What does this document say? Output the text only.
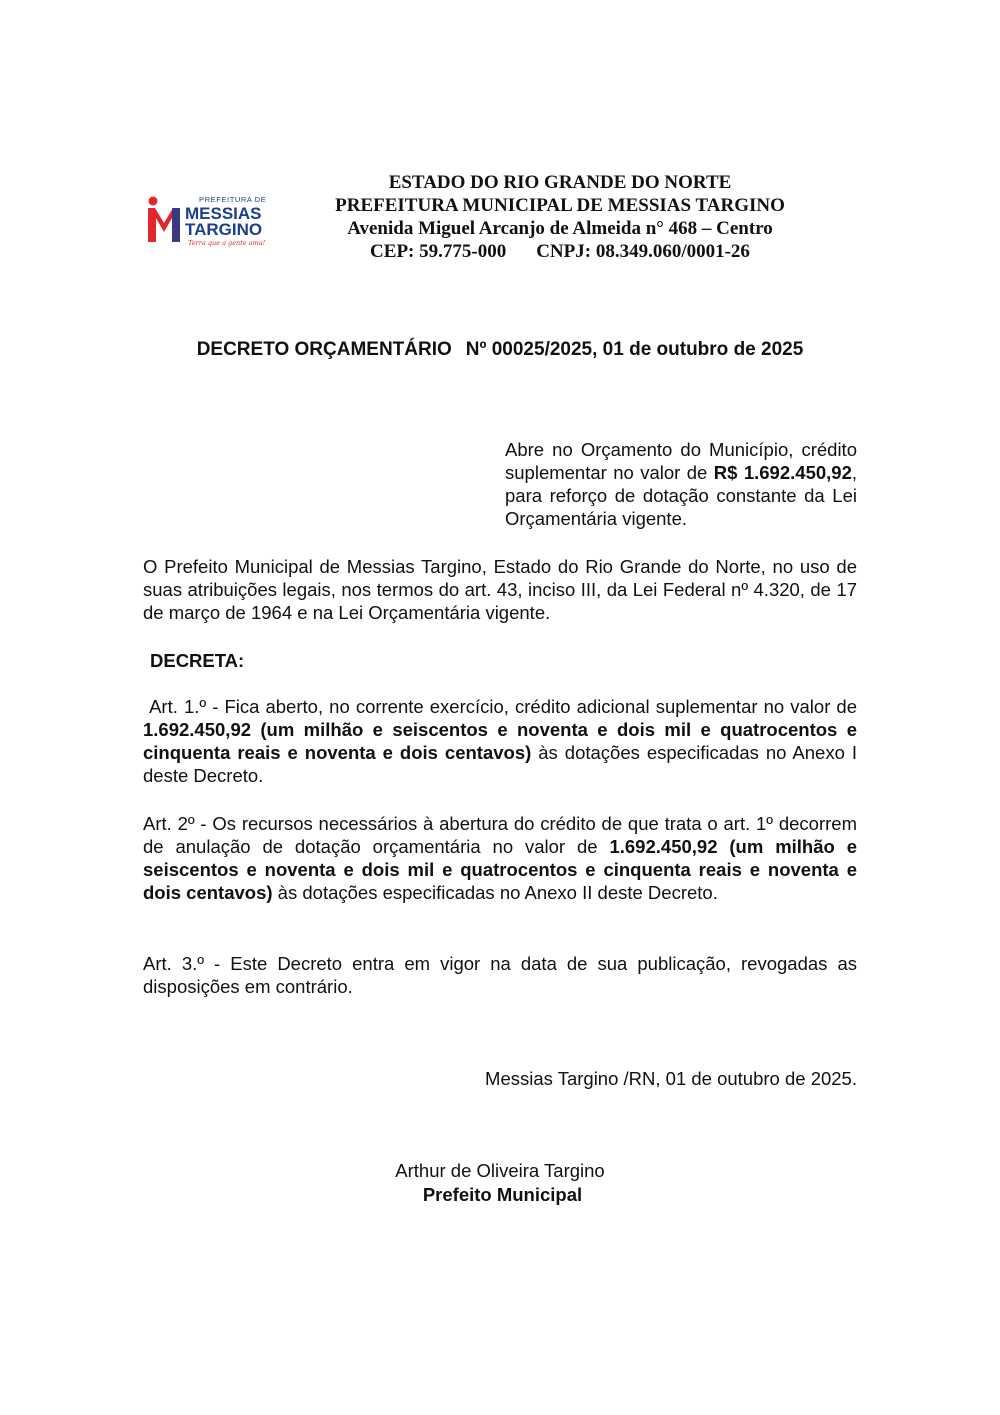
PREFEITURA DE
MESSIAS
TARGINO
Terra que a gente ama!
ESTADO DO RIO GRANDE DO NORTE
PREFEITURA MUNICIPAL DE MESSIAS TARGINO
Avenida Miguel Arcanjo de Almeida n° 468 – Centro
CEP: 59.775-000 CNPJ: 08.349.060/0001-26
DECRETO ORÇAMENTÁRIO Nº 00025/2025, 01 de outubro de 2025
Abre no Orçamento do Município, crédito suplementar no valor de R$ 1.692.450,92, para reforço de dotação constante da Lei Orçamentária vigente.
O Prefeito Municipal de Messias Targino, Estado do Rio Grande do Norte, no uso de suas atribuições legais, nos termos do art. 43, inciso III, da Lei Federal nº 4.320, de 17 de março de 1964 e na Lei Orçamentária vigente.
DECRETA:
Art. 1.º - Fica aberto, no corrente exercício, crédito adicional suplementar no valor de 1.692.450,92 (um milhão e seiscentos e noventa e dois mil e quatrocentos e cinquenta reais e noventa e dois centavos) às dotações especificadas no Anexo I deste Decreto.
Art. 2º - Os recursos necessários à abertura do crédito de que trata o art. 1º decorrem de anulação de dotação orçamentária no valor de 1.692.450,92 (um milhão e seiscentos e noventa e dois mil e quatrocentos e cinquenta reais e noventa e dois centavos) às dotações especificadas no Anexo II deste Decreto.
Art. 3.º - Este Decreto entra em vigor na data de sua publicação, revogadas as disposições em contrário.
Messias Targino /RN, 01 de outubro de 2025.
Arthur de Oliveira Targino
Prefeito Municipal
